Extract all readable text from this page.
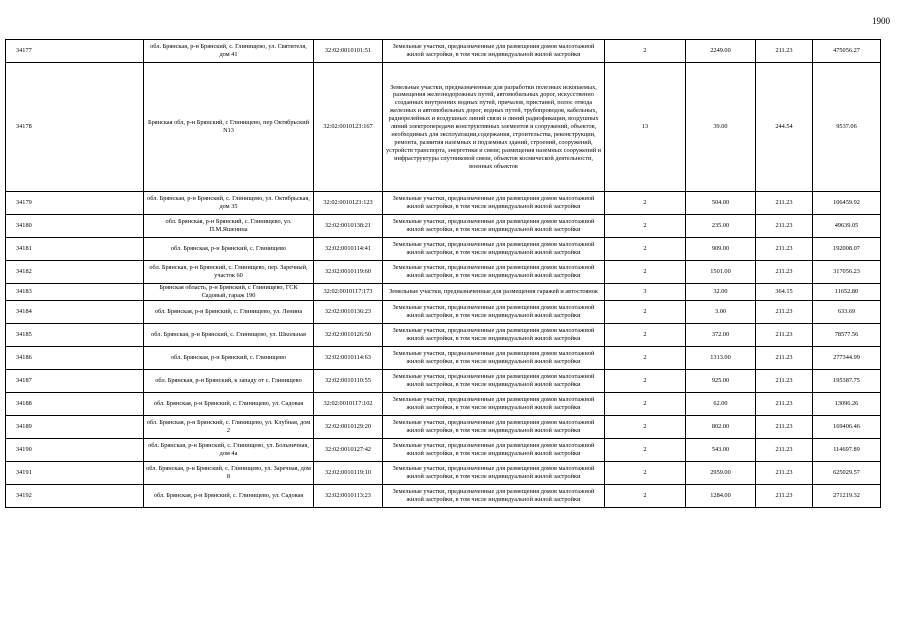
1900
34177	обл. Брянская, р-н Брянский, с. Глинищево, ул. Святителя, дом 41	32:02:0010101:51	Земельные участки, предназначенные для размещения домов малоэтажной жилой застройки, в том числе индивидуальной жилой застройки	2	2249.00	211.23	475056.27
34178	Брянская обл, р-н Брянский, с Глинищево, пер Октябрьский N13	32:02:0010123:167	Земельные участки, предназначенные для разработки полезных ископаемых, размещения железнодорожных путей, автомобильных дорог, искусственно созданных внутренних водных путей, причалов, пристаней, полос отвода железных и автомобильных дорог, водных путей, трубопроводов, кабельных, радиорелейных и воздушных линий связи и линий радиофикации, воздушных линий электропередачи конструктивных элементов и сооружений, объектов, необходимых для эксплуатации,содержания, строительства, реконструкции, ремонта, развития наземных и подземных зданий, строений, сооружений, устройств транспорта, энергетики и связи; размещения наземных сооружений и инфраструктуры спутниковой связи, объектов космической деятельности, военных объектов	13	39.00	244.54	9537.06
34179	обл. Брянская, р-н Брянский, с. Глинищево, ул. Октябрьская, дом 35	32:02:0010123:123	Земельные участки, предназначенные для размещения домов малоэтажной жилой застройки, в том числе индивидуальной жилой застройки	2	504.00	211.23	106459.92
34180	обл. Брянская, р-н Брянский, с. Глинищево, ул. П.М.Яшенина	32:02:0010138:21	Земельные участки, предназначенные для размещения домов малоэтажной жилой застройки, в том числе индивидуальной жилой застройки	2	235.00	211.23	49639.05
34181	обл. Брянская, р-н Брянский, с. Глинищево	32:02:0010114:41	Земельные участки, предназначенные для размещения домов малоэтажной жилой застройки, в том числе индивидуальной жилой застройки	2	909.00	211.23	192008.07
34182	обл. Брянская, р-н Брянский, с. Глинищево, пер. Заречный, участок 60	32:02:0010119:60	Земельные участки, предназначенные для размещения домов малоэтажной жилой застройки, в том числе индивидуальной жилой застройки	2	1501.00	211.23	317056.23
34183	Брянская область, р-н Брянский, с Глинищево, ГСК Садовый, гараж 190	32:02:0010117:173	Земельные участки, предназначенные для размещения гаражей и автостоянок	3	32.00	364.15	11652.80
34184	обл. Брянская, р-н Брянский, с. Глинищево, ул. Ленина	32:02:0010136:23	Земельные участки, предназначенные для размещения домов малоэтажной жилой застройки, в том числе индивидуальной жилой застройки	2	3.00	211.23	633.69
34185	обл. Брянская, р-н Брянский, с. Глинищево, ул. Школьная	32:02:0010126:50	Земельные участки, предназначенные для размещения домов малоэтажной жилой застройки, в том числе индивидуальной жилой застройки	2	372.00	211.23	78577.56
34186	обл. Брянская, р-н Брянский, с. Глинищево	32:02:0010114:63	Земельные участки, предназначенные для размещения домов малоэтажной жилой застройки, в том числе индивидуальной жилой застройки	2	1313.00	211.23	277344.99
34187	обл. Брянская, р-н Брянский, к западу от с. Глинищево	32:02:0010110:55	Земельные участки, предназначенные для размещения домов малоэтажной жилой застройки, в том числе индивидуальной жилой застройки	2	925.00	211.23	195387.75
34188	обл. Брянская, р-н Брянский, с. Глинищево, ул. Садовая	32:02:0010117:102	Земельные участки, предназначенные для размещения домов малоэтажной жилой застройки, в том числе индивидуальной жилой застройки	2	62.00	211.23	13096.26
34189	обл. Брянская, р-н Брянский, с. Глинищево, ул. Клубная, дом 2	32:02:0010129:20	Земельные участки, предназначенные для размещения домов малоэтажной жилой застройки, в том числе индивидуальной жилой застройки	2	802.00	211.23	169406.46
34190	обл. Брянская, р-н Брянский, с. Глинищево, ул. Больничная, дом 4а	32:02:0010127:42	Земельные участки, предназначенные для размещения домов малоэтажной жилой застройки, в том числе индивидуальной жилой застройки	2	543.00	211.23	114697.89
34191	обл. Брянская, р-н Брянский, с. Глинищево, ул. Заречная, дом 8	32:02:0010119:10	Земельные участки, предназначенные для размещения домов малоэтажной жилой застройки, в том числе индивидуальной жилой застройки	2	2959.00	211.23	625029.57
34192	обл. Брянская, р-н Брянский, с. Глинищево, ул. Садовая	32:02:0010113:23	Земельные участки, предназначенные для размещения домов малоэтажной жилой застройки, в том числе индивидуальной жилой застройки	2	1284.00	211.23	271219.32
